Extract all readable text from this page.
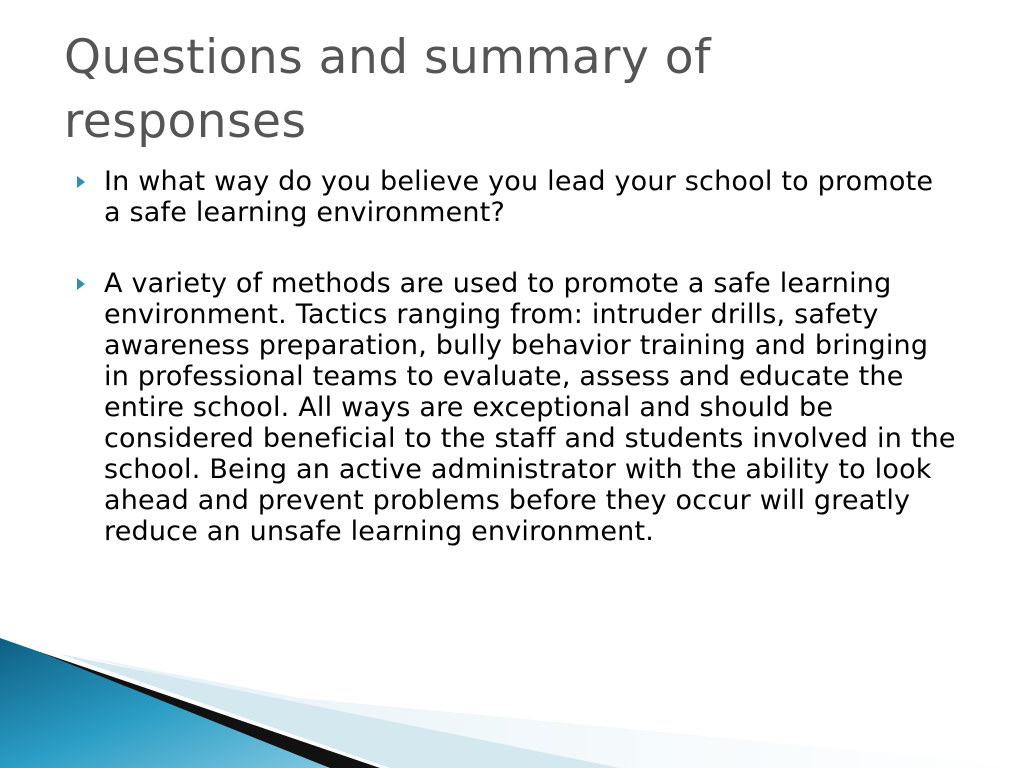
Questions and summary of responses
In what way do you believe you lead your school to promote a safe learning environment?
A variety of methods are used to promote a safe learning environment. Tactics ranging from: intruder drills, safety awareness preparation, bully behavior training and bringing in professional teams to evaluate, assess and educate the entire school. All ways are exceptional and should be considered beneficial to the staff and students involved in the school. Being an active administrator with the ability to look ahead and prevent problems before they occur will greatly reduce an unsafe learning environment.
